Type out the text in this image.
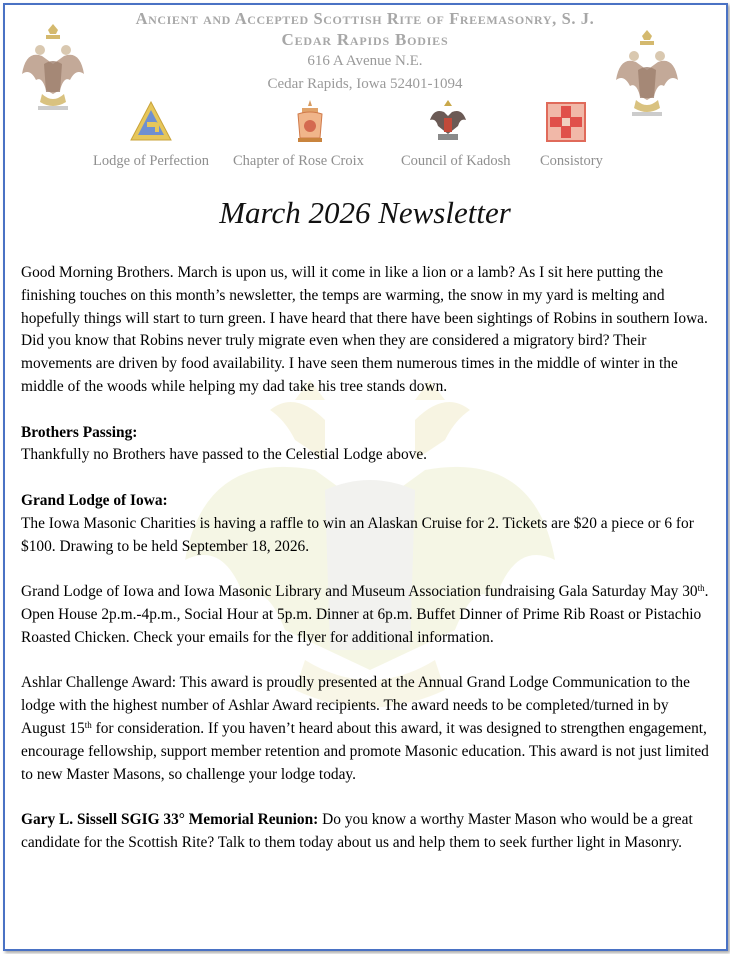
Ancient and Accepted Scottish Rite of Freemasonry, S. J.
Cedar Rapids Bodies
616 A Avenue N.E.
Cedar Rapids, Iowa 52401-1094
Lodge of Perfection Chapter of Rose Croix	Council of Kadosh Consistory
March 2026 Newsletter

Good Morning Brothers. March is upon us, will it come in like a lion or a lamb? As I sit here putting the finishing touches on this month’s newsletter, the temps are warming, the snow in my yard is melting and hopefully things will start to turn green. I have heard that there have been sightings of Robins in southern Iowa. Did you know that Robins never truly migrate even when they are considered a migratory bird? Their movements are driven by food availability. I have seen them numerous times in the middle of winter in the middle of the woods while helping my dad take his tree stands down.

Brothers Passing:

Thankfully no Brothers have passed to the Celestial Lodge above.

Grand Lodge of Iowa:

The Iowa Masonic Charities is having a raffle to win an Alaskan Cruise for 2. Tickets are $20 a piece or 6 for $100. Drawing to be held September 18, 2026.

Grand Lodge of Iowa and Iowa Masonic Library and Museum Association fundraising Gala Saturday May 30th. Open House 2p.m.-4p.m., Social Hour at 5p.m. Dinner at 6p.m. Buffet Dinner of Prime Rib Roast or Pistachio Roasted Chicken. Check your emails for the flyer for additional information.

Ashlar Challenge Award: This award is proudly presented at the Annual Grand Lodge Communication to the lodge with the highest number of Ashlar Award recipients. The award needs to be completed/turned in by August 15th for consideration. If you haven’t heard about this award, it was designed to strengthen engagement, encourage fellowship, support member retention and promote Masonic education. This award is not just limited to new Master Masons, so challenge your lodge today.

Gary L. Sissell SGIG 33° Memorial Reunion: Do you know a worthy Master Mason who would be a great candidate for the Scottish Rite? Talk to them today about us and help them to seek further light in Masonry.
